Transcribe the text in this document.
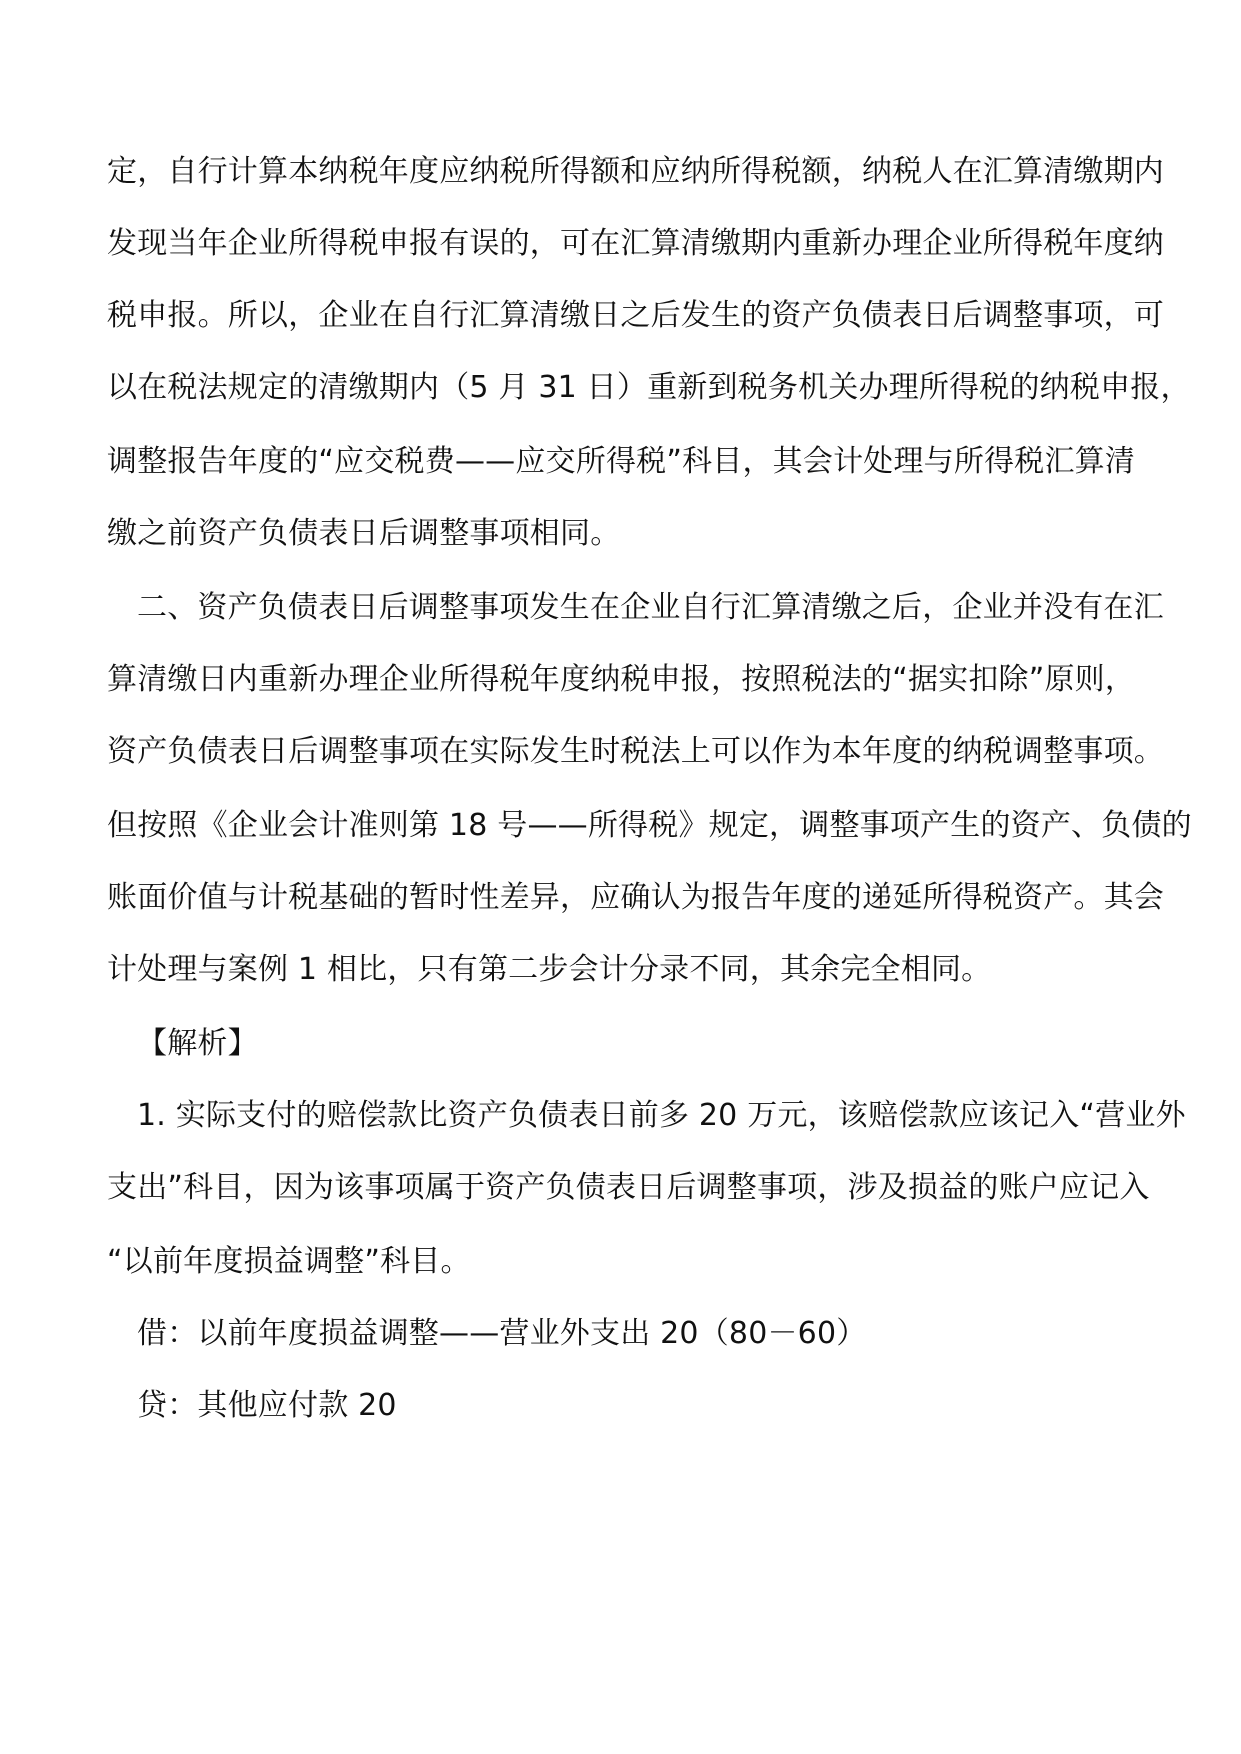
定，自行计算本纳税年度应纳税所得额和应纳所得税额，纳税人在汇算清缴期内
发现当年企业所得税申报有误的，可在汇算清缴期内重新办理企业所得税年度纳
税申报。所以，企业在自行汇算清缴日之后发生的资产负债表日后调整事项，可
以在税法规定的清缴期内（5 月 31 日）重新到税务机关办理所得税的纳税申报，
调整报告年度的“应交税费——应交所得税”科目，其会计处理与所得税汇算清
缴之前资产负债表日后调整事项相同。
二、资产负债表日后调整事项发生在企业自行汇算清缴之后，企业并没有在汇
算清缴日内重新办理企业所得税年度纳税申报，按照税法的“据实扣除”原则，
资产负债表日后调整事项在实际发生时税法上可以作为本年度的纳税调整事项。
但按照《企业会计准则第 18 号——所得税》规定，调整事项产生的资产、负债的
账面价值与计税基础的暂时性差异，应确认为报告年度的递延所得税资产。其会
计处理与案例 1 相比，只有第二步会计分录不同，其余完全相同。
【解析】
1. 实际支付的赔偿款比资产负债表日前多 20 万元，该赔偿款应该记入“营业外
支出”科目，因为该事项属于资产负债表日后调整事项，涉及损益的账户应记入
“以前年度损益调整”科目。
借：以前年度损益调整——营业外支出 20（80－60）
贷：其他应付款 20
